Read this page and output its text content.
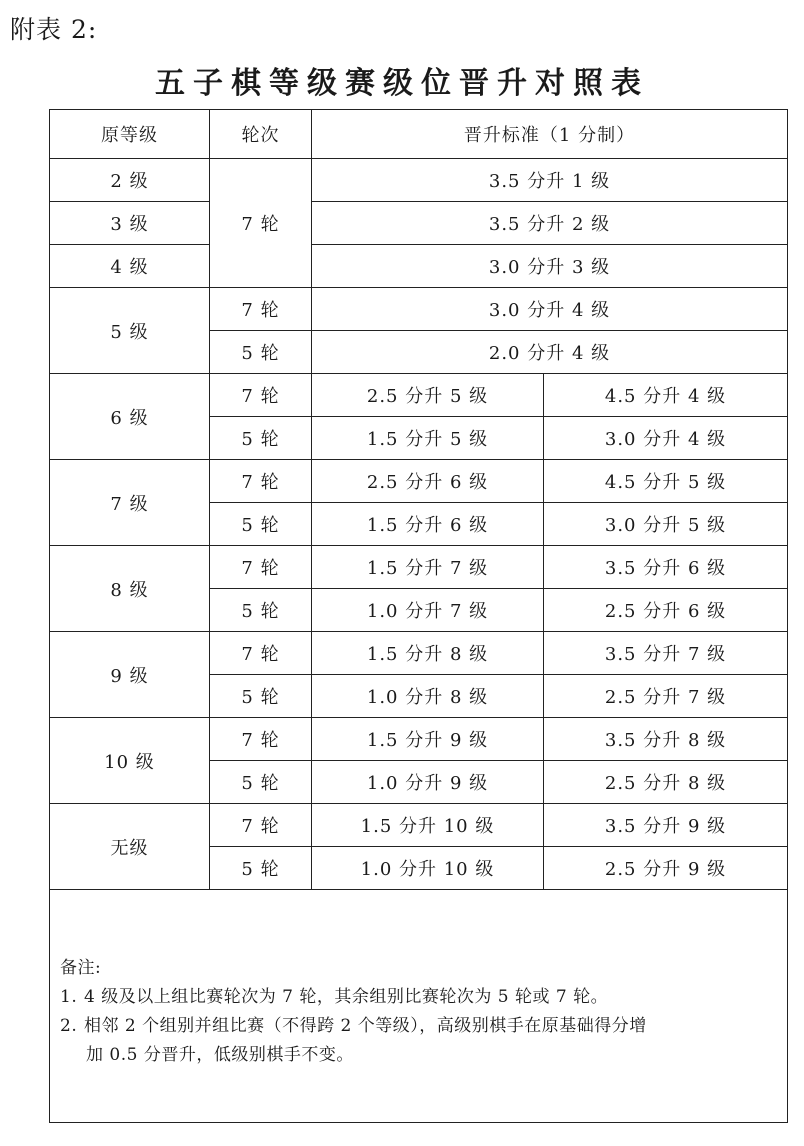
附表 2:
五子棋等级赛级位晋升对照表
原等级	轮次	晋升标准（1 分制）	
2 级	7 轮	3.5 分升 1 级	
3 级		3.5 分升 2 级	
4 级		3.0 分升 3 级	
5 级	7 轮	3.0 分升 4 级	
	5 轮	2.0 分升 4 级	
6 级	7 轮	2.5 分升 5 级	4.5 分升 4 级
	5 轮	1.5 分升 5 级	3.0 分升 4 级
7 级	7 轮	2.5 分升 6 级	4.5 分升 5 级
	5 轮	1.5 分升 6 级	3.0 分升 5 级
8 级	7 轮	1.5 分升 7 级	3.5 分升 6 级
	5 轮	1.0 分升 7 级	2.5 分升 6 级
9 级	7 轮	1.5 分升 8 级	3.5 分升 7 级
	5 轮	1.0 分升 8 级	2.5 分升 7 级
10 级	7 轮	1.5 分升 9 级	3.5 分升 8 级
	5 轮	1.0 分升 9 级	2.5 分升 8 级
无级	7 轮	1.5 分升 10 级	3.5 分升 9 级
	5 轮	1.0 分升 10 级	2.5 分升 9 级

备注:
1. 4 级及以上组比赛轮次为 7 轮，其余组别比赛轮次为 5 轮或 7 轮。
2. 相邻 2 个组别并组比赛（不得跨 2 个等级），高级别棋手在原基础得分增
加 0.5 分晋升，低级别棋手不变。			
